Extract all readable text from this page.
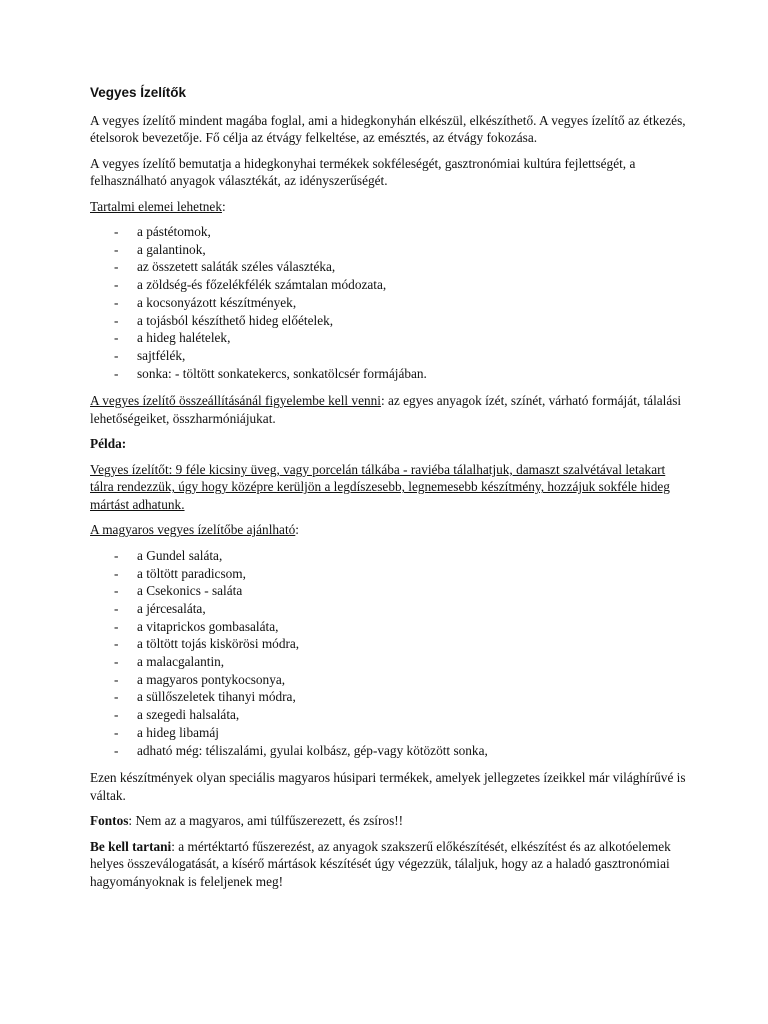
Vegyes Ízelítők

A vegyes ízelítő mindent magába foglal, ami a hidegkonyhán elkészül, elkészíthető. A vegyes ízelítő az étkezés, ételsorok bevezetője. Fő célja az étvágy felkeltése, az emésztés, az étvágy fokozása.

A vegyes ízelítő bemutatja a hidegkonyhai termékek sokféleségét, gasztronómiai kultúra fejlettségét, a felhasználható anyagok választékát, az idényszerűségét.

Tartalmi elemei lehetnek:

- a pástétomok,
- a galantinok,
- az összetett saláták széles választéka,
- a zöldség-és főzelékfélék számtalan módozata,
- a kocsonyázott készítmények,
- a tojásból készíthető hideg előételek,
- a hideg halételek,
- sajtfélék,
- sonka: - töltött sonkatekercs, sonkatölcsér formájában.

A vegyes ízelítő összeállításánál figyelembe kell venni: az egyes anyagok ízét, színét, várható formáját, tálalási lehetőségeiket, összharmóniájukat.

Példa:

Vegyes ízelítőt: 9 féle kicsiny üveg, vagy porcelán tálkába - raviéba tálalhatjuk, damaszt szalvétával letakart tálra rendezzük, úgy hogy középre kerüljön a legdíszesebb, legnemesebb készítmény, hozzájuk sokféle hideg mártást adhatunk.

A magyaros vegyes ízelítőbe ajánlható:

- a Gundel saláta,
- a töltött paradicsom,
- a Csekonics - saláta
- a jércesaláta,
- a vitaprickos gombasaláta,
- a töltött tojás kiskörösi módra,
- a malacgalantin,
- a magyaros pontykocsonya,
- a süllőszeletek tihanyi módra,
- a szegedi halsaláta,
- a hideg libamáj
- adható még: téliszalámi, gyulai kolbász, gép-vagy kötözött sonka,

Ezen készítmények olyan speciális magyaros húsipari termékek, amelyek jellegzetes ízeikkel már világhírűvé is váltak.

Fontos: Nem az a magyaros, ami túlfűszerezett, és zsíros!!

Be kell tartani: a mértéktartó fűszerezést, az anyagok szakszerű előkészítését, elkészítést és az alkotóelemek helyes összeválogatását, a kísérő mártások készítését úgy végezzük, tálaljuk, hogy az a haladó gasztronómiai hagyományoknak is feleljenek meg!
